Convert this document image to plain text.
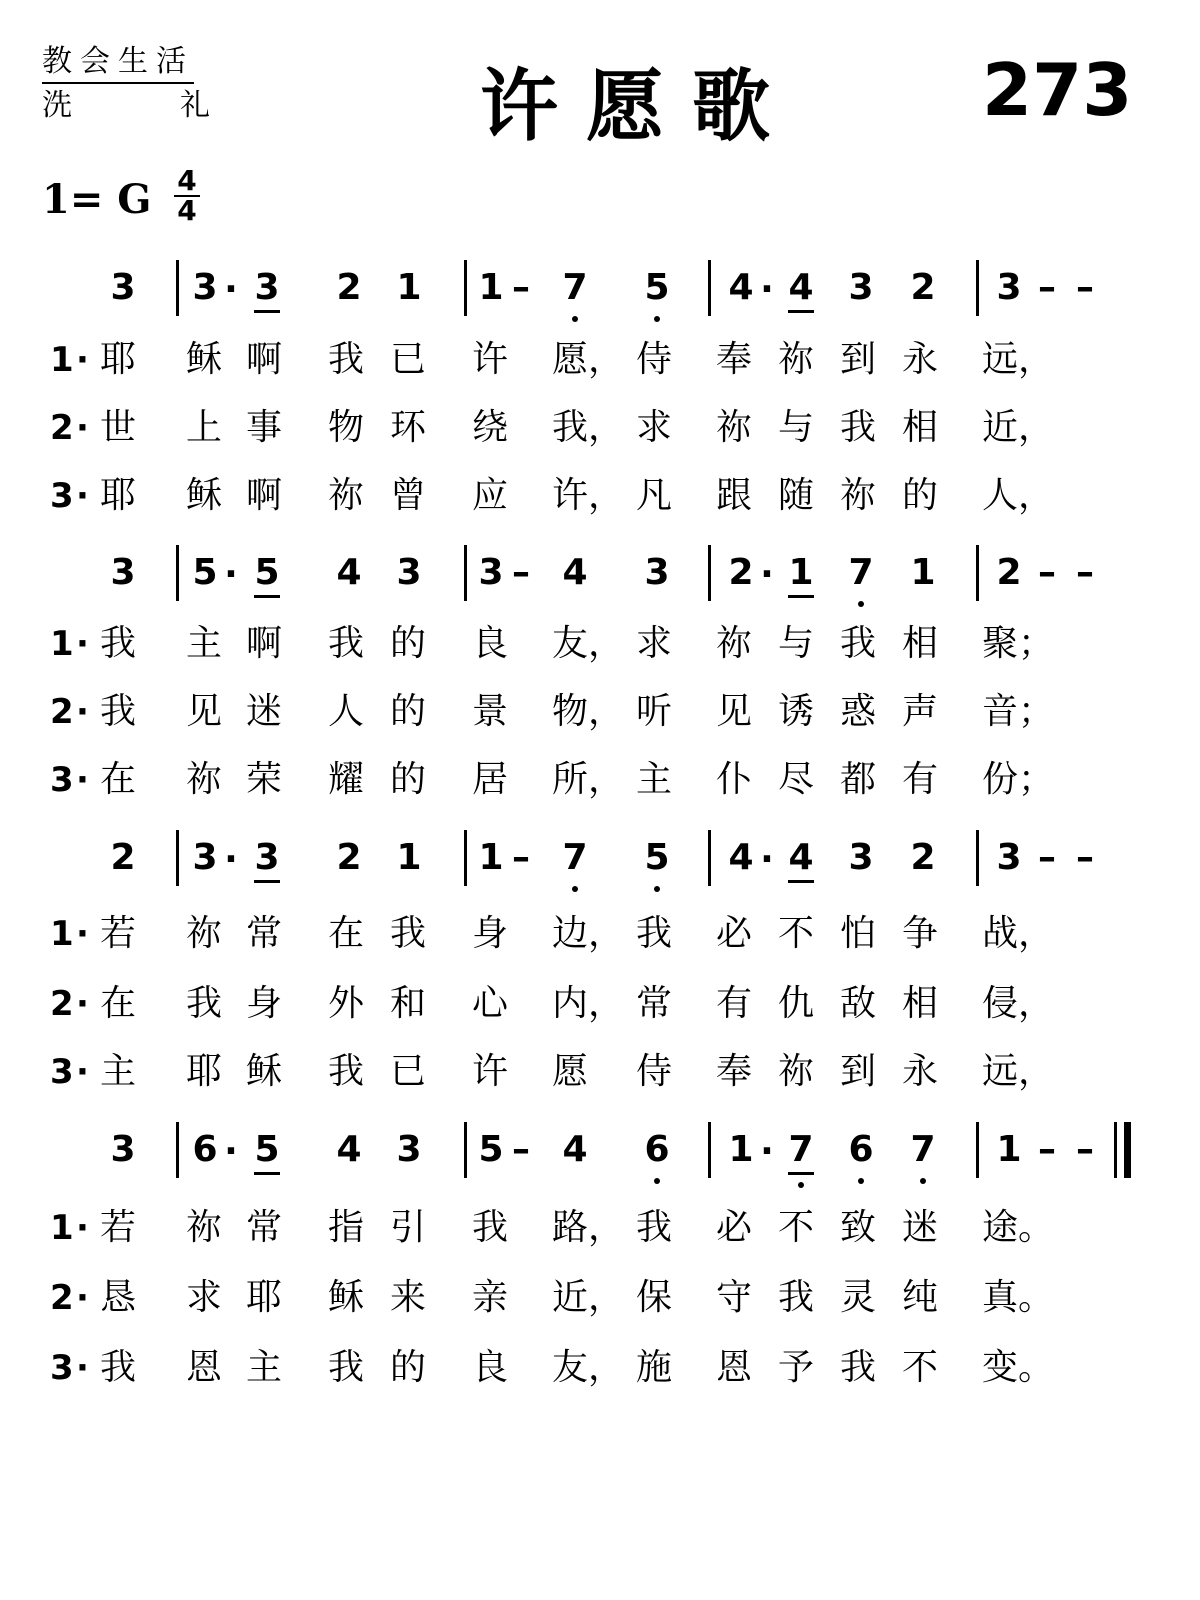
教会生活
洗	礼	许愿歌	273
1= G 4
4
3 3 · 3 2 1 1 – 7 5 4 · 4 3 2 3 – –
1 · 耶 稣 啊 我 已 许 愿， 侍 奉 祢 到 永 远，
2 · 世 上 事 物 环 绕 我， 求 祢 与 我 相 近，
3 · 耶 稣 啊 祢 曾 应 许， 凡 跟 随 祢 的 人，
3 5 · 5 4 3 3 – 4 3 2 · 1 7 1 2 – –
1 · 我 主 啊 我 的 良 友， 求 祢 与 我 相 聚；
2 · 我 见 迷 人 的 景 物， 听 见 诱 惑 声 音；
3 · 在 祢 荣 耀 的 居 所， 主 仆 尽 都 有 份；
2 3 · 3 2 1 1 – 7 5 4 · 4 3 2 3 – –
1 · 若 祢 常 在 我 身 边， 我 必 不 怕 争 战，
2 · 在 我 身 外 和 心 内， 常 有 仇 敌 相 侵，
3 · 主 耶 稣 我 已 许 愿 侍 奉 祢 到 永 远，
3 6 · 5 4 3 5 – 4 6 1 · 7 6 7 1 – –
1 · 若 祢 常 指 引 我 路， 我 必 不 致 迷 途。
2 · 恳 求 耶 稣 来 亲 近， 保 守 我 灵 纯 真。
3 · 我 恩 主 我 的 良 友， 施 恩 予 我 不 变。
